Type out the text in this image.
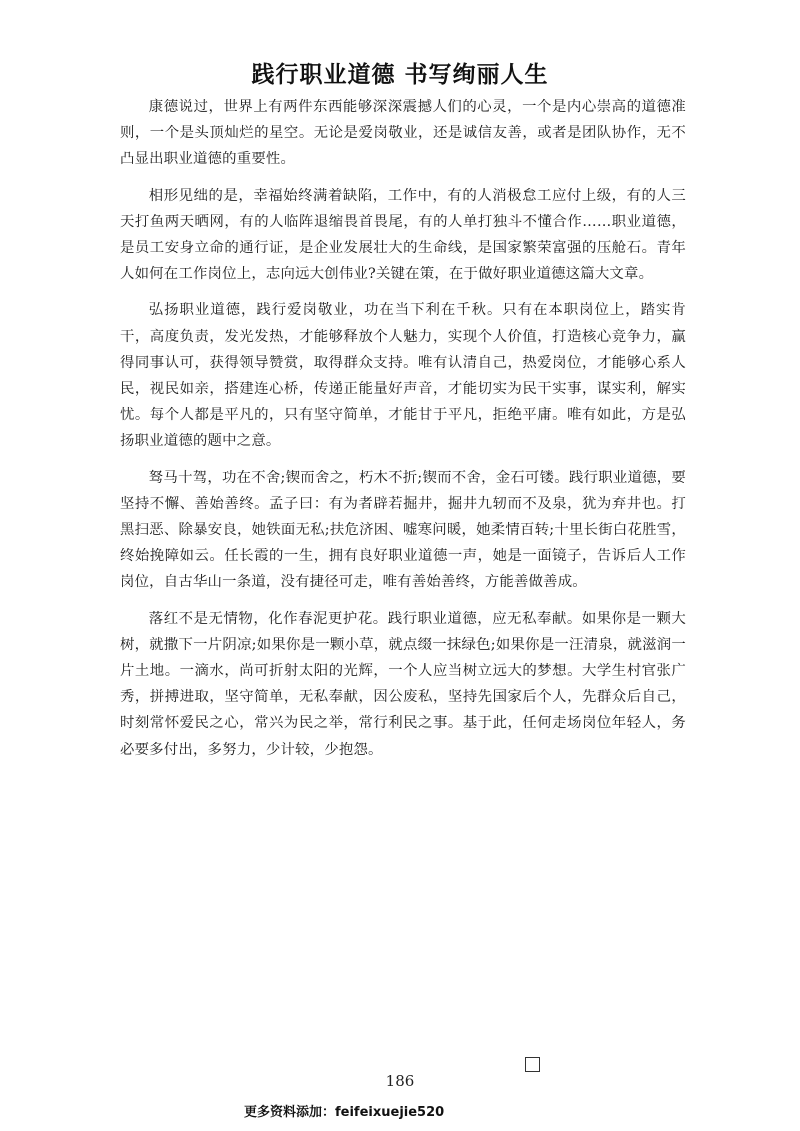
践行职业道德 书写绚丽人生

康德说过，世界上有两件东西能够深深震撼人们的心灵，一个是内心崇高的道德准则，一个是头顶灿烂的星空。无论是爱岗敬业，还是诚信友善，或者是团队协作，无不凸显出职业道德的重要性。

相形见绌的是，幸福始终满着缺陷，工作中，有的人消极怠工应付上级，有的人三天打鱼两天晒网，有的人临阵退缩畏首畏尾，有的人单打独斗不懂合作……职业道德，是员工安身立命的通行证，是企业发展壮大的生命线，是国家繁荣富强的压舱石。青年人如何在工作岗位上，志向远大创伟业?关键在策，在于做好职业道德这篇大文章。

弘扬职业道德，践行爱岗敬业，功在当下利在千秋。只有在本职岗位上，踏实肯干，高度负责，发光发热，才能够释放个人魅力，实现个人价值，打造核心竞争力，赢得同事认可，获得领导赞赏，取得群众支持。唯有认清自己，热爱岗位，才能够心系人民，视民如亲，搭建连心桥，传递正能量好声音，才能切实为民干实事，谋实利，解实忧。每个人都是平凡的，只有坚守简单，才能甘于平凡，拒绝平庸。唯有如此，方是弘扬职业道德的题中之意。

驽马十驾，功在不舍;锲而舍之，朽木不折;锲而不舍，金石可镂。践行职业道德，要坚持不懈、善始善终。孟子曰：有为者辟若掘井，掘井九轫而不及泉，犹为弃井也。打黑扫恶、除暴安良，她铁面无私;扶危济困、嘘寒问暖，她柔情百转;十里长街白花胜雪，终始挽障如云。任长霞的一生，拥有良好职业道德一声，她是一面镜子，告诉后人工作岗位，自古华山一条道，没有捷径可走，唯有善始善终，方能善做善成。

落红不是无情物，化作春泥更护花。践行职业道德，应无私奉献。如果你是一颗大树，就撒下一片阴凉;如果你是一颗小草，就点缀一抹绿色;如果你是一汪清泉，就滋润一片土地。一滴水，尚可折射太阳的光辉，一个人应当树立远大的梦想。大学生村官张广秀，拼搏进取，坚守简单，无私奉献，因公废私，坚持先国家后个人，先群众后自己，时刻常怀爱民之心，常兴为民之举，常行利民之事。基于此，任何走场岗位年轻人，务必要多付出，多努力，少计较，少抱怨。

186
更多资料添加：feifeixuejie520
